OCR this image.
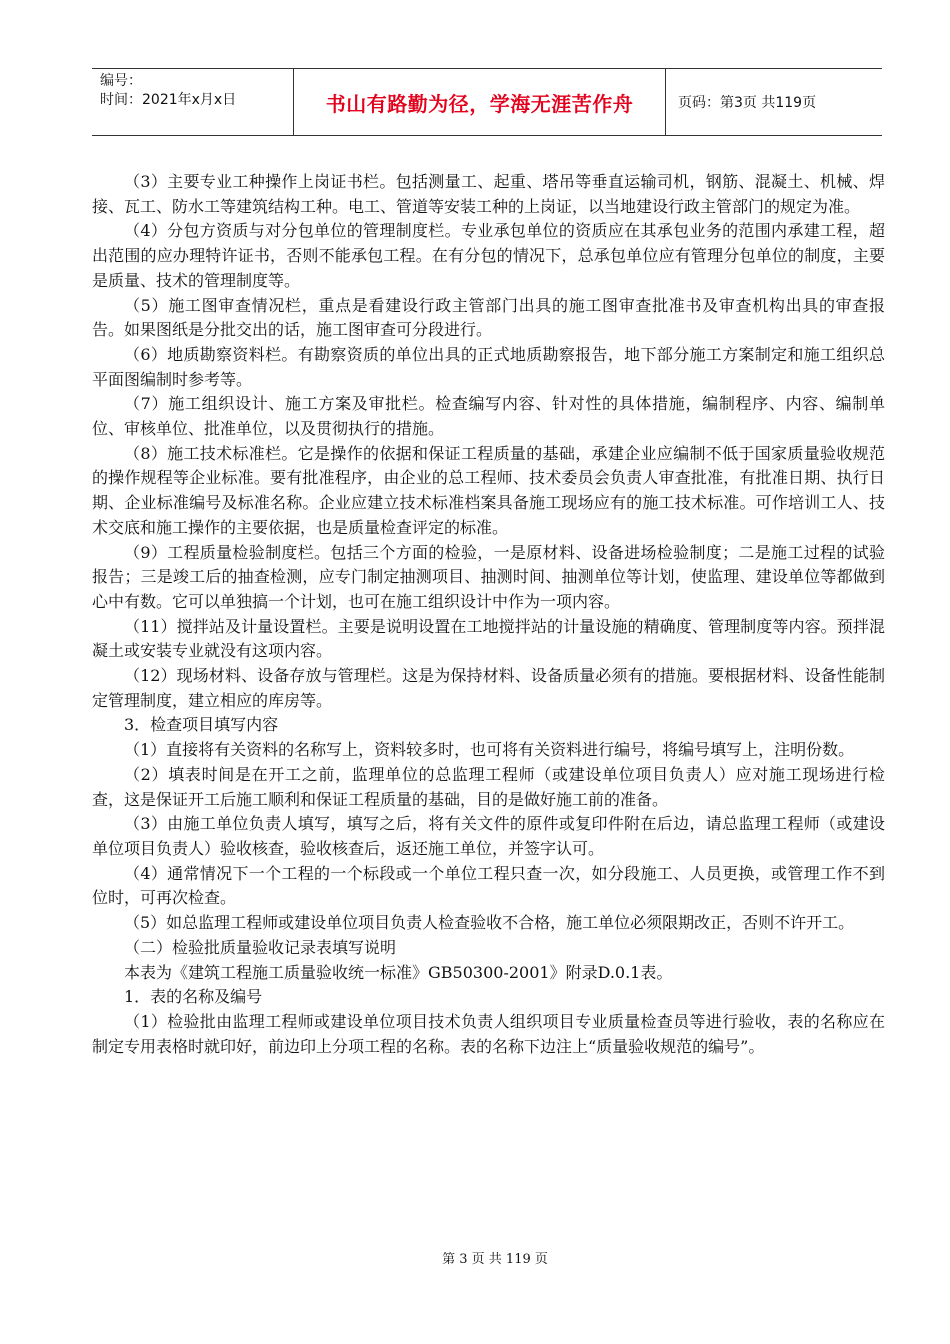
编号：
时间：2021年x月x日	书山有路勤为径，学海无涯苦作舟	页码：第3页 共119页

（3）主要专业工种操作上岗证书栏。包括测量工、起重、塔吊等垂直运输司机，钢筋、混凝土、机械、焊接、瓦工、防水工等建筑结构工种。电工、管道等安装工种的上岗证，以当地建设行政主管部门的规定为准。

（4）分包方资质与对分包单位的管理制度栏。专业承包单位的资质应在其承包业务的范围内承建工程，超出范围的应办理特许证书，否则不能承包工程。在有分包的情况下，总承包单位应有管理分包单位的制度，主要是质量、技术的管理制度等。

（5）施工图审查情况栏，重点是看建设行政主管部门出具的施工图审查批准书及审查机构出具的审查报告。如果图纸是分批交出的话，施工图审查可分段进行。

（6）地质勘察资料栏。有勘察资质的单位出具的正式地质勘察报告，地下部分施工方案制定和施工组织总平面图编制时参考等。

（7）施工组织设计、施工方案及审批栏。检查编写内容、针对性的具体措施，编制程序、内容、编制单位、审核单位、批准单位，以及贯彻执行的措施。

（8）施工技术标准栏。它是操作的依据和保证工程质量的基础，承建企业应编制不低于国家质量验收规范的操作规程等企业标准。要有批准程序，由企业的总工程师、技术委员会负责人审查批准，有批准日期、执行日期、企业标准编号及标准名称。企业应建立技术标准档案具备施工现场应有的施工技术标准。可作培训工人、技术交底和施工操作的主要依据，也是质量检查评定的标准。

（9）工程质量检验制度栏。包括三个方面的检验，一是原材料、设备进场检验制度；二是施工过程的试验报告；三是竣工后的抽查检测，应专门制定抽测项目、抽测时间、抽测单位等计划，使监理、建设单位等都做到心中有数。它可以单独搞一个计划，也可在施工组织设计中作为一项内容。

（11）搅拌站及计量设置栏。主要是说明设置在工地搅拌站的计量设施的精确度、管理制度等内容。预拌混凝土或安装专业就没有这项内容。

（12）现场材料、设备存放与管理栏。这是为保持材料、设备质量必须有的措施。要根据材料、设备性能制定管理制度，建立相应的库房等。

3．检查项目填写内容

（1）直接将有关资料的名称写上，资料较多时，也可将有关资料进行编号，将编号填写上，注明份数。

（2）填表时间是在开工之前，监理单位的总监理工程师（或建设单位项目负责人）应对施工现场进行检查，这是保证开工后施工顺利和保证工程质量的基础，目的是做好施工前的准备。

（3）由施工单位负责人填写，填写之后，将有关文件的原件或复印件附在后边，请总监理工程师（或建设单位项目负责人）验收核查，验收核查后，返还施工单位，并签字认可。

（4）通常情况下一个工程的一个标段或一个单位工程只查一次，如分段施工、人员更换，或管理工作不到位时，可再次检查。

（5）如总监理工程师或建设单位项目负责人检查验收不合格，施工单位必须限期改正，否则不许开工。

（二）检验批质量验收记录表填写说明

本表为《建筑工程施工质量验收统一标准》GB50300-2001》附录D.0.1表。

1．表的名称及编号

（1）检验批由监理工程师或建设单位项目技术负责人组织项目专业质量检查员等进行验收，表的名称应在制定专用表格时就印好，前边印上分项工程的名称。表的名称下边注上“质量验收规范的编号”。

第 3 页 共 119 页
